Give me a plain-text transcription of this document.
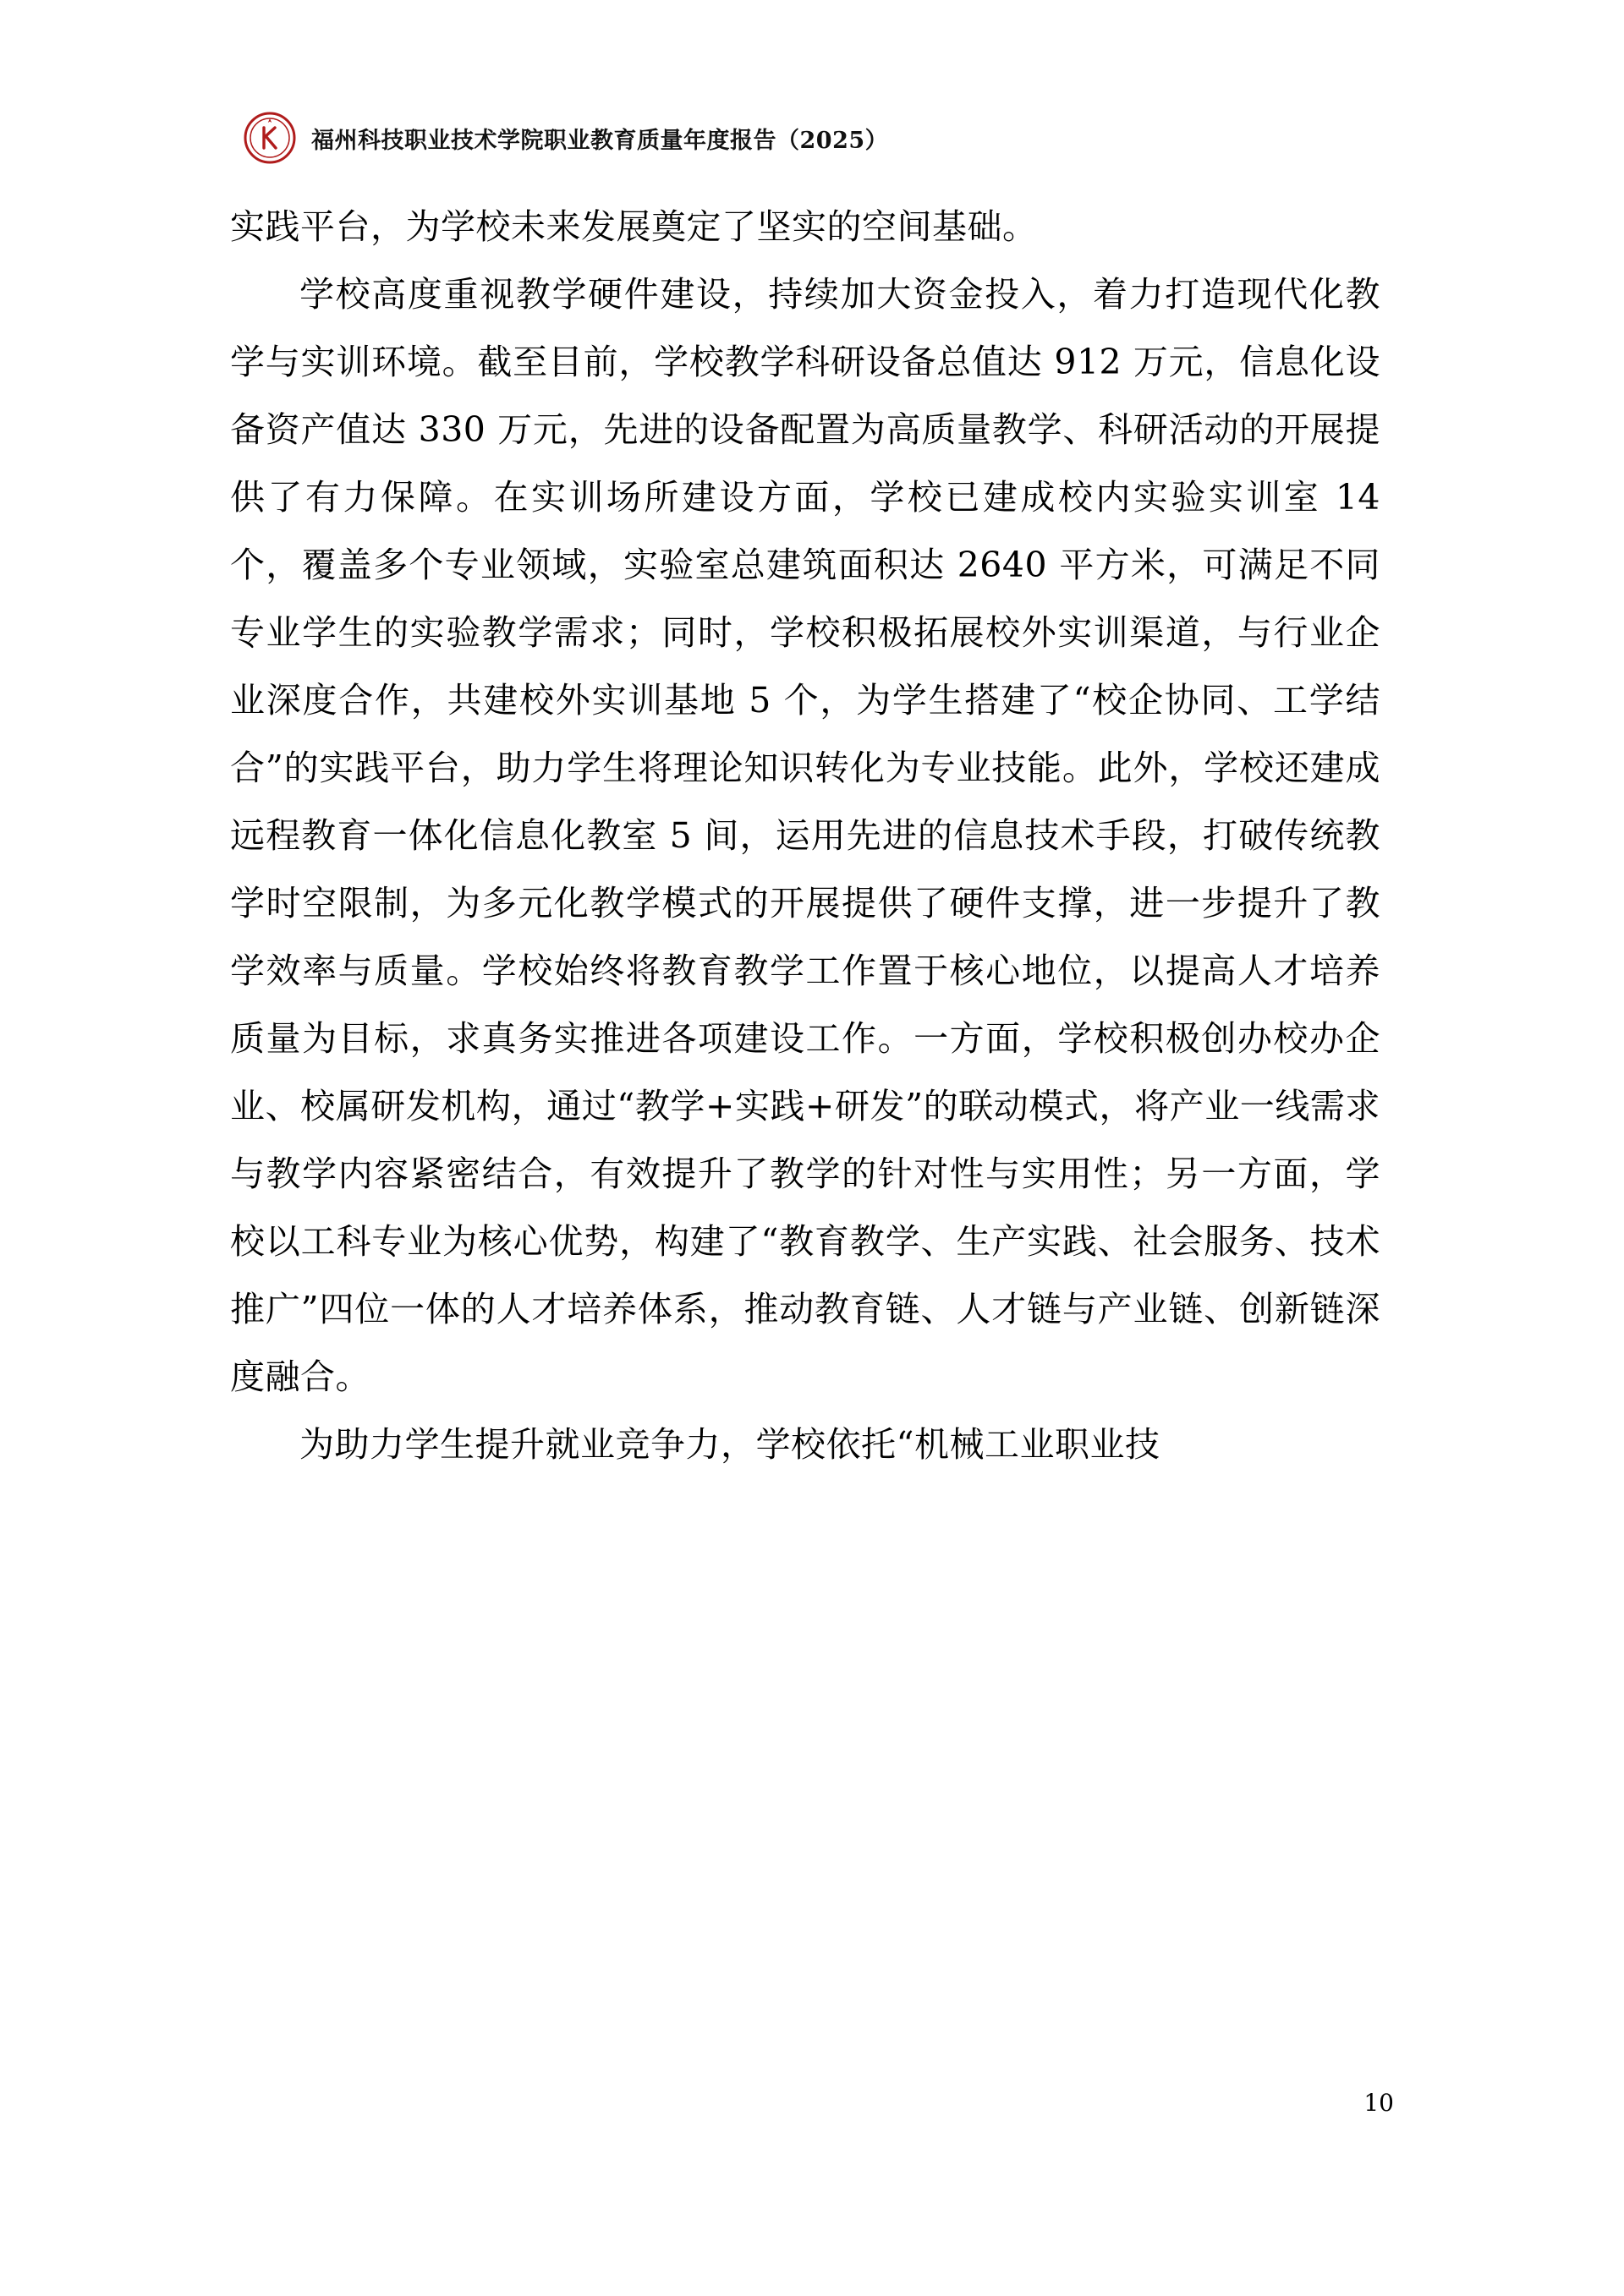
福州科技职业技术学院职业教育质量年度报告（2025）

实践平台，为学校未来发展奠定了坚实的空间基础。

学校高度重视教学硬件建设，持续加大资金投入，着力打造现代化教学与实训环境。截至目前，学校教学科研设备总值达 912 万元，信息化设备资产值达 330 万元，先进的设备配置为高质量教学、科研活动的开展提供了有力保障。在实训场所建设方面，学校已建成校内实验实训室 14 个，覆盖多个专业领域，实验室总建筑面积达 2640 平方米，可满足不同专业学生的实验教学需求；同时，学校积极拓展校外实训渠道，与行业企业深度合作，共建校外实训基地 5 个，为学生搭建了“校企协同、工学结合”的实践平台，助力学生将理论知识转化为专业技能。此外，学校还建成远程教育一体化信息化教室 5 间，运用先进的信息技术手段，打破传统教学时空限制，为多元化教学模式的开展提供了硬件支撑，进一步提升了教学效率与质量。学校始终将教育教学工作置于核心地位，以提高人才培养质量为目标，求真务实推进各项建设工作。一方面，学校积极创办校办企业、校属研发机构，通过“教学+实践+研发”的联动模式，将产业一线需求与教学内容紧密结合，有效提升了教学的针对性与实用性；另一方面，学校以工科专业为核心优势，构建了“教育教学、生产实践、社会服务、技术推广”四位一体的人才培养体系，推动教育链、人才链与产业链、创新链深度融合。

为助力学生提升就业竞争力，学校依托“机械工业职业技

10
